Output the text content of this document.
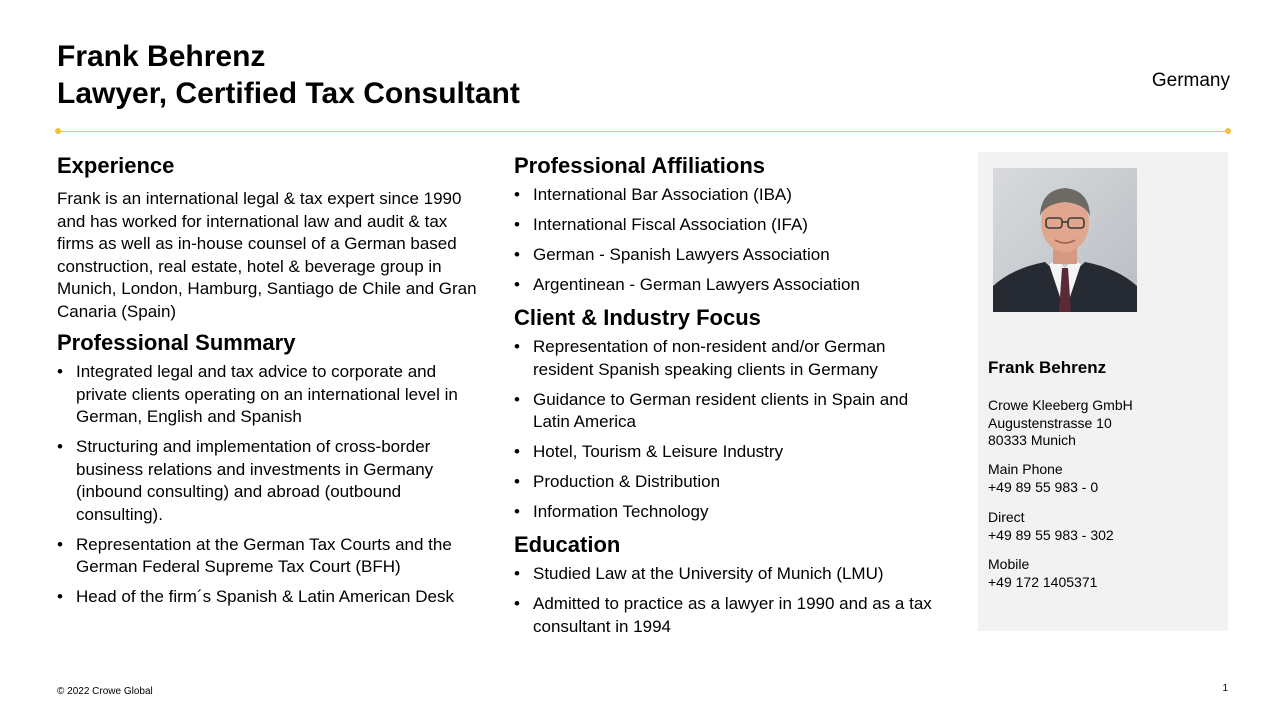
Frank Behrenz
Lawyer, Certified Tax Consultant	Germany
Experience

Frank is an international legal & tax expert since 1990 and has worked for international law and audit & tax firms as well as in-house counsel of a German based construction, real estate, hotel & beverage group in Munich, London, Hamburg, Santiago de Chile and Gran Canaria (Spain)

Professional Summary
• Integrated legal and tax advice to corporate and private clients operating on an international level in German, English and Spanish
• Structuring and implementation of cross-border business relations and investments in Germany (inbound consulting) and abroad (outbound consulting).
• Representation at the German Tax Courts and the German Federal Supreme Tax Court (BFH)
• Head of the firm´s Spanish & Latin American Desk
Professional Affiliations
• International Bar Association (IBA)
• International Fiscal Association (IFA)
• German - Spanish Lawyers Association
• Argentinean - German Lawyers Association
Client & Industry Focus
• Representation of non-resident and/or German resident Spanish speaking clients in Germany
• Guidance to German resident clients in Spain and Latin America
• Hotel, Tourism & Leisure Industry
• Production & Distribution
• Information Technology
Education
• Studied Law at the University of Munich (LMU)
• Admitted to practice as a lawyer in 1990 and as a tax consultant in 1994
Frank Behrenz
Crowe Kleeberg GmbH
Augustenstrasse 10
80333 Munich
Main Phone
+49 89 55 983 - 0
Direct
+49 89 55 983 - 302
Mobile
+49 172 1405371
© 2022 Crowe Global	1
